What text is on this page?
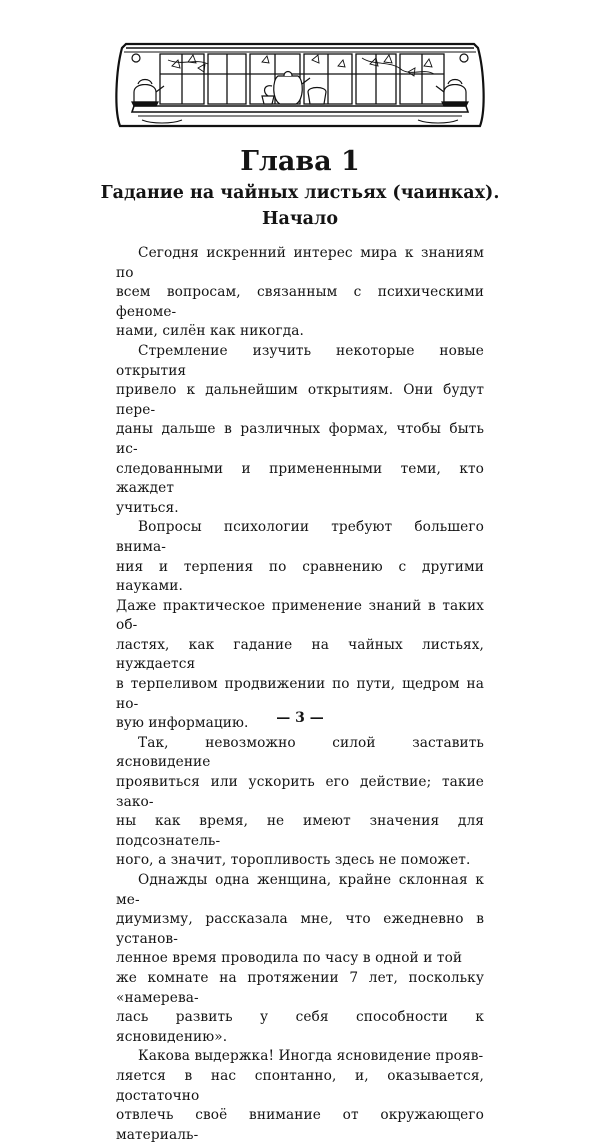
Глава 1
Гадание на чайных листьях (чаинках). Начало

Сегодня искренний интерес мира к знаниям по
всем вопросам, связанным с психическими феноме-
нами, силён как никогда.

Стремление изучить некоторые новые открытия
привело к дальнейшим открытиям. Они будут пере-
даны дальше в различных формах, чтобы быть ис-
следованными и примененными теми, кто жаждет
учиться.

Вопросы психологии требуют большего внима-
ния и терпения по сравнению с другими науками.
Даже практическое применение знаний в таких об-
ластях, как гадание на чайных листьях, нуждается
в терпеливом продвижении по пути, щедром на но-
вую информацию.

Так, невозможно силой заставить ясновидение
проявиться или ускорить его действие; такие зако-
ны как время, не имеют значения для подсознатель-
ного, а значит, торопливость здесь не поможет.

Однажды одна женщина, крайне склонная к ме-
диумизму, рассказала мне, что ежедневно в установ-
ленное время проводила по часу в одной и той
же комнате на протяжении 7 лет, поскольку «намерева-
лась развить у себя способности к ясновидению».

Какова выдержка! Иногда ясновидение прояв-
ляется в нас спонтанно, и, оказывается, достаточно
отвлечь своё внимание от окружающего материаль-

— 3 —
